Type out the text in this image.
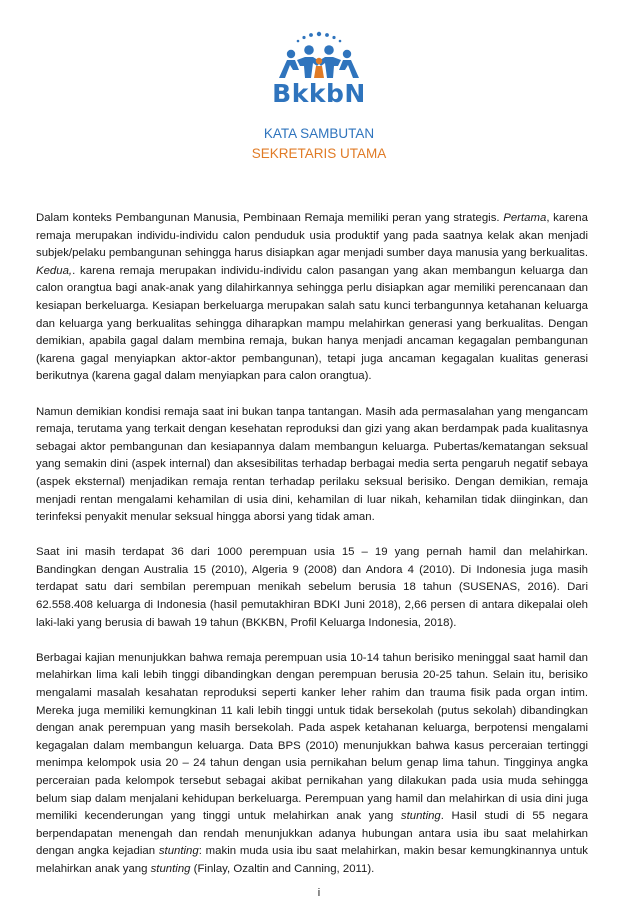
BkkbN
KATA SAMBUTAN
SEKRETARIS UTAMA

Dalam konteks Pembangunan Manusia, Pembinaan Remaja memiliki peran yang strategis. Pertama, karena remaja merupakan individu-individu calon penduduk usia produktif yang pada saatnya kelak akan menjadi subjek/pelaku pembangunan sehingga harus disiapkan agar menjadi sumber daya manusia yang berkualitas. Kedua,. karena remaja merupakan individu-individu calon pasangan yang akan membangun keluarga dan calon orangtua bagi anak-anak yang dilahirkannya sehingga perlu disiapkan agar memiliki perencanaan dan kesiapan berkeluarga. Kesiapan berkeluarga merupakan salah satu kunci terbangunnya ketahanan keluarga dan keluarga yang berkualitas sehingga diharapkan mampu melahirkan generasi yang berkualitas. Dengan demikian, apabila gagal dalam membina remaja, bukan hanya menjadi ancaman kegagalan pembangunan (karena gagal menyiapkan aktor-aktor pembangunan), tetapi juga ancaman kegagalan kualitas generasi berikutnya (karena gagal dalam menyiapkan para calon orangtua).

Namun demikian kondisi remaja saat ini bukan tanpa tantangan. Masih ada permasalahan yang mengancam remaja, terutama yang terkait dengan kesehatan reproduksi dan gizi yang akan berdampak pada kualitasnya sebagai aktor pembangunan dan kesiapannya dalam membangun keluarga. Pubertas/kematangan seksual yang semakin dini (aspek internal) dan aksesibilitas terhadap berbagai media serta pengaruh negatif sebaya (aspek eksternal) menjadikan remaja rentan terhadap perilaku seksual berisiko. Dengan demikian, remaja menjadi rentan mengalami kehamilan di usia dini, kehamilan di luar nikah, kehamilan tidak diinginkan, dan terinfeksi penyakit menular seksual hingga aborsi yang tidak aman.

Saat ini masih terdapat 36 dari 1000 perempuan usia 15 – 19 yang pernah hamil dan melahirkan. Bandingkan dengan Australia 15 (2010), Algeria 9 (2008) dan Andora 4 (2010). Di Indonesia juga masih terdapat satu dari sembilan perempuan menikah sebelum berusia 18 tahun (SUSENAS, 2016). Dari 62.558.408 keluarga di Indonesia (hasil pemutakhiran BDKI Juni 2018), 2,66 persen di antara dikepalai oleh laki-laki yang berusia di bawah 19 tahun (BKKBN, Profil Keluarga Indonesia, 2018).

Berbagai kajian menunjukkan bahwa remaja perempuan usia 10-14 tahun berisiko meninggal saat hamil dan melahirkan lima kali lebih tinggi dibandingkan dengan perempuan berusia 20-25 tahun. Selain itu, berisiko mengalami masalah kesahatan reproduksi seperti kanker leher rahim dan trauma fisik pada organ intim. Mereka juga memiliki kemungkinan 11 kali lebih tinggi untuk tidak bersekolah (putus sekolah) dibandingkan dengan anak perempuan yang masih bersekolah. Pada aspek ketahanan keluarga, berpotensi mengalami kegagalan dalam membangun keluarga. Data BPS (2010) menunjukkan bahwa kasus perceraian tertinggi menimpa kelompok usia 20 – 24 tahun dengan usia pernikahan belum genap lima tahun. Tingginya angka perceraian pada kelompok tersebut sebagai akibat pernikahan yang dilakukan pada usia muda sehingga belum siap dalam menjalani kehidupan berkeluarga. Perempuan yang hamil dan melahirkan di usia dini juga memiliki kecenderungan yang tinggi untuk melahirkan anak yang stunting. Hasil studi di 55 negara berpendapatan menengah dan rendah menunjukkan adanya hubungan antara usia ibu saat melahirkan dengan angka kejadian stunting: makin muda usia ibu saat melahirkan, makin besar kemungkinannya untuk melahirkan anak yang stunting (Finlay, Ozaltin and Canning, 2011).

i
